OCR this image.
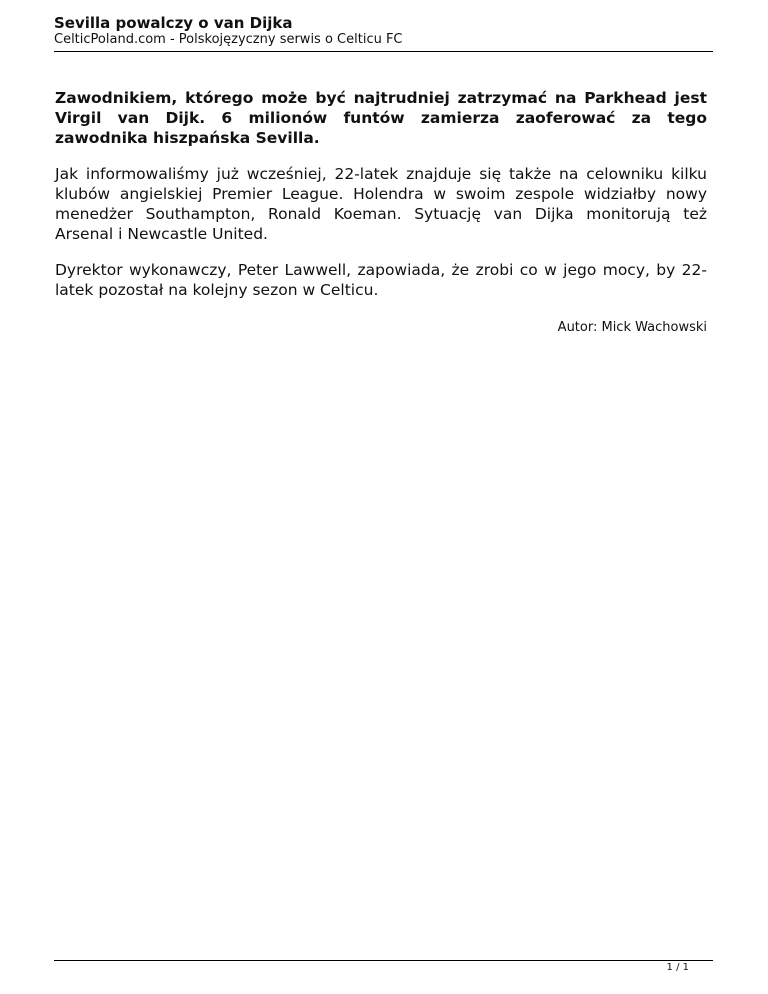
Sevilla powalczy o van Dijka
CelticPoland.com - Polskojęzyczny serwis o Celticu FC

Zawodnikiem, którego może być najtrudniej zatrzymać na Parkhead jest Virgil van Dijk. 6 milionów funtów zamierza zaoferować za tego zawodnika hiszpańska Sevilla.

Jak informowaliśmy już wcześniej, 22-latek znajduje się także na celowniku kilku klubów angielskiej Premier League. Holendra w swoim zespole widziałby nowy menedżer Southampton, Ronald Koeman. Sytuację van Dijka monitorują też Arsenal i Newcastle United.

Dyrektor wykonawczy, Peter Lawwell, zapowiada, że zrobi co w jego mocy, by 22-latek pozostał na kolejny sezon w Celticu.

Autor: Mick Wachowski
1 / 1
